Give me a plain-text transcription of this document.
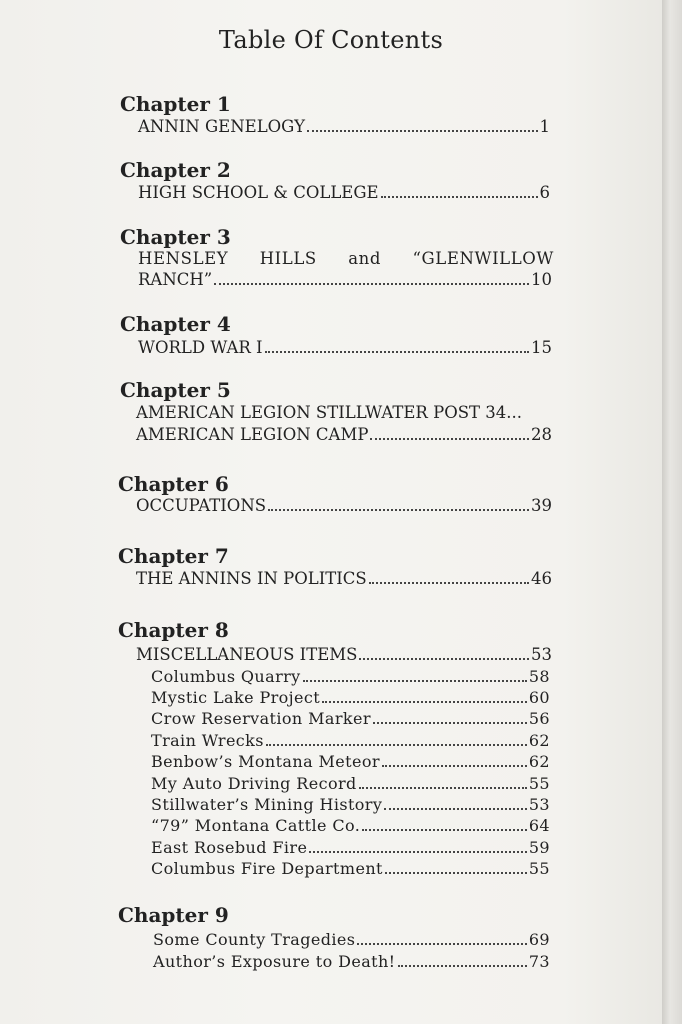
Table Of Contents
Chapter 1
ANNIN GENELOGY	1
Chapter 2
HIGH SCHOOL & COLLEGE	6
Chapter 3
HENSLEY HILLS and “GLENWILLOW
RANCH”	10
Chapter 4
WORLD WAR I	15
Chapter 5
AMERICAN LEGION STILLWATER POST 34...
AMERICAN LEGION CAMP	28
Chapter 6
OCCUPATIONS	39
Chapter 7
THE ANNINS IN POLITICS	46
Chapter 8
MISCELLANEOUS ITEMS	53
Columbus Quarry	58
Mystic Lake Project	60
Crow Reservation Marker	56
Train Wrecks	62
Benbow’s Montana Meteor	62
My Auto Driving Record	55
Stillwater’s Mining History	53
“79” Montana Cattle Co.	64
East Rosebud Fire	59
Columbus Fire Department	55
Chapter 9
Some County Tragedies	69
Author’s Exposure to Death!	73
